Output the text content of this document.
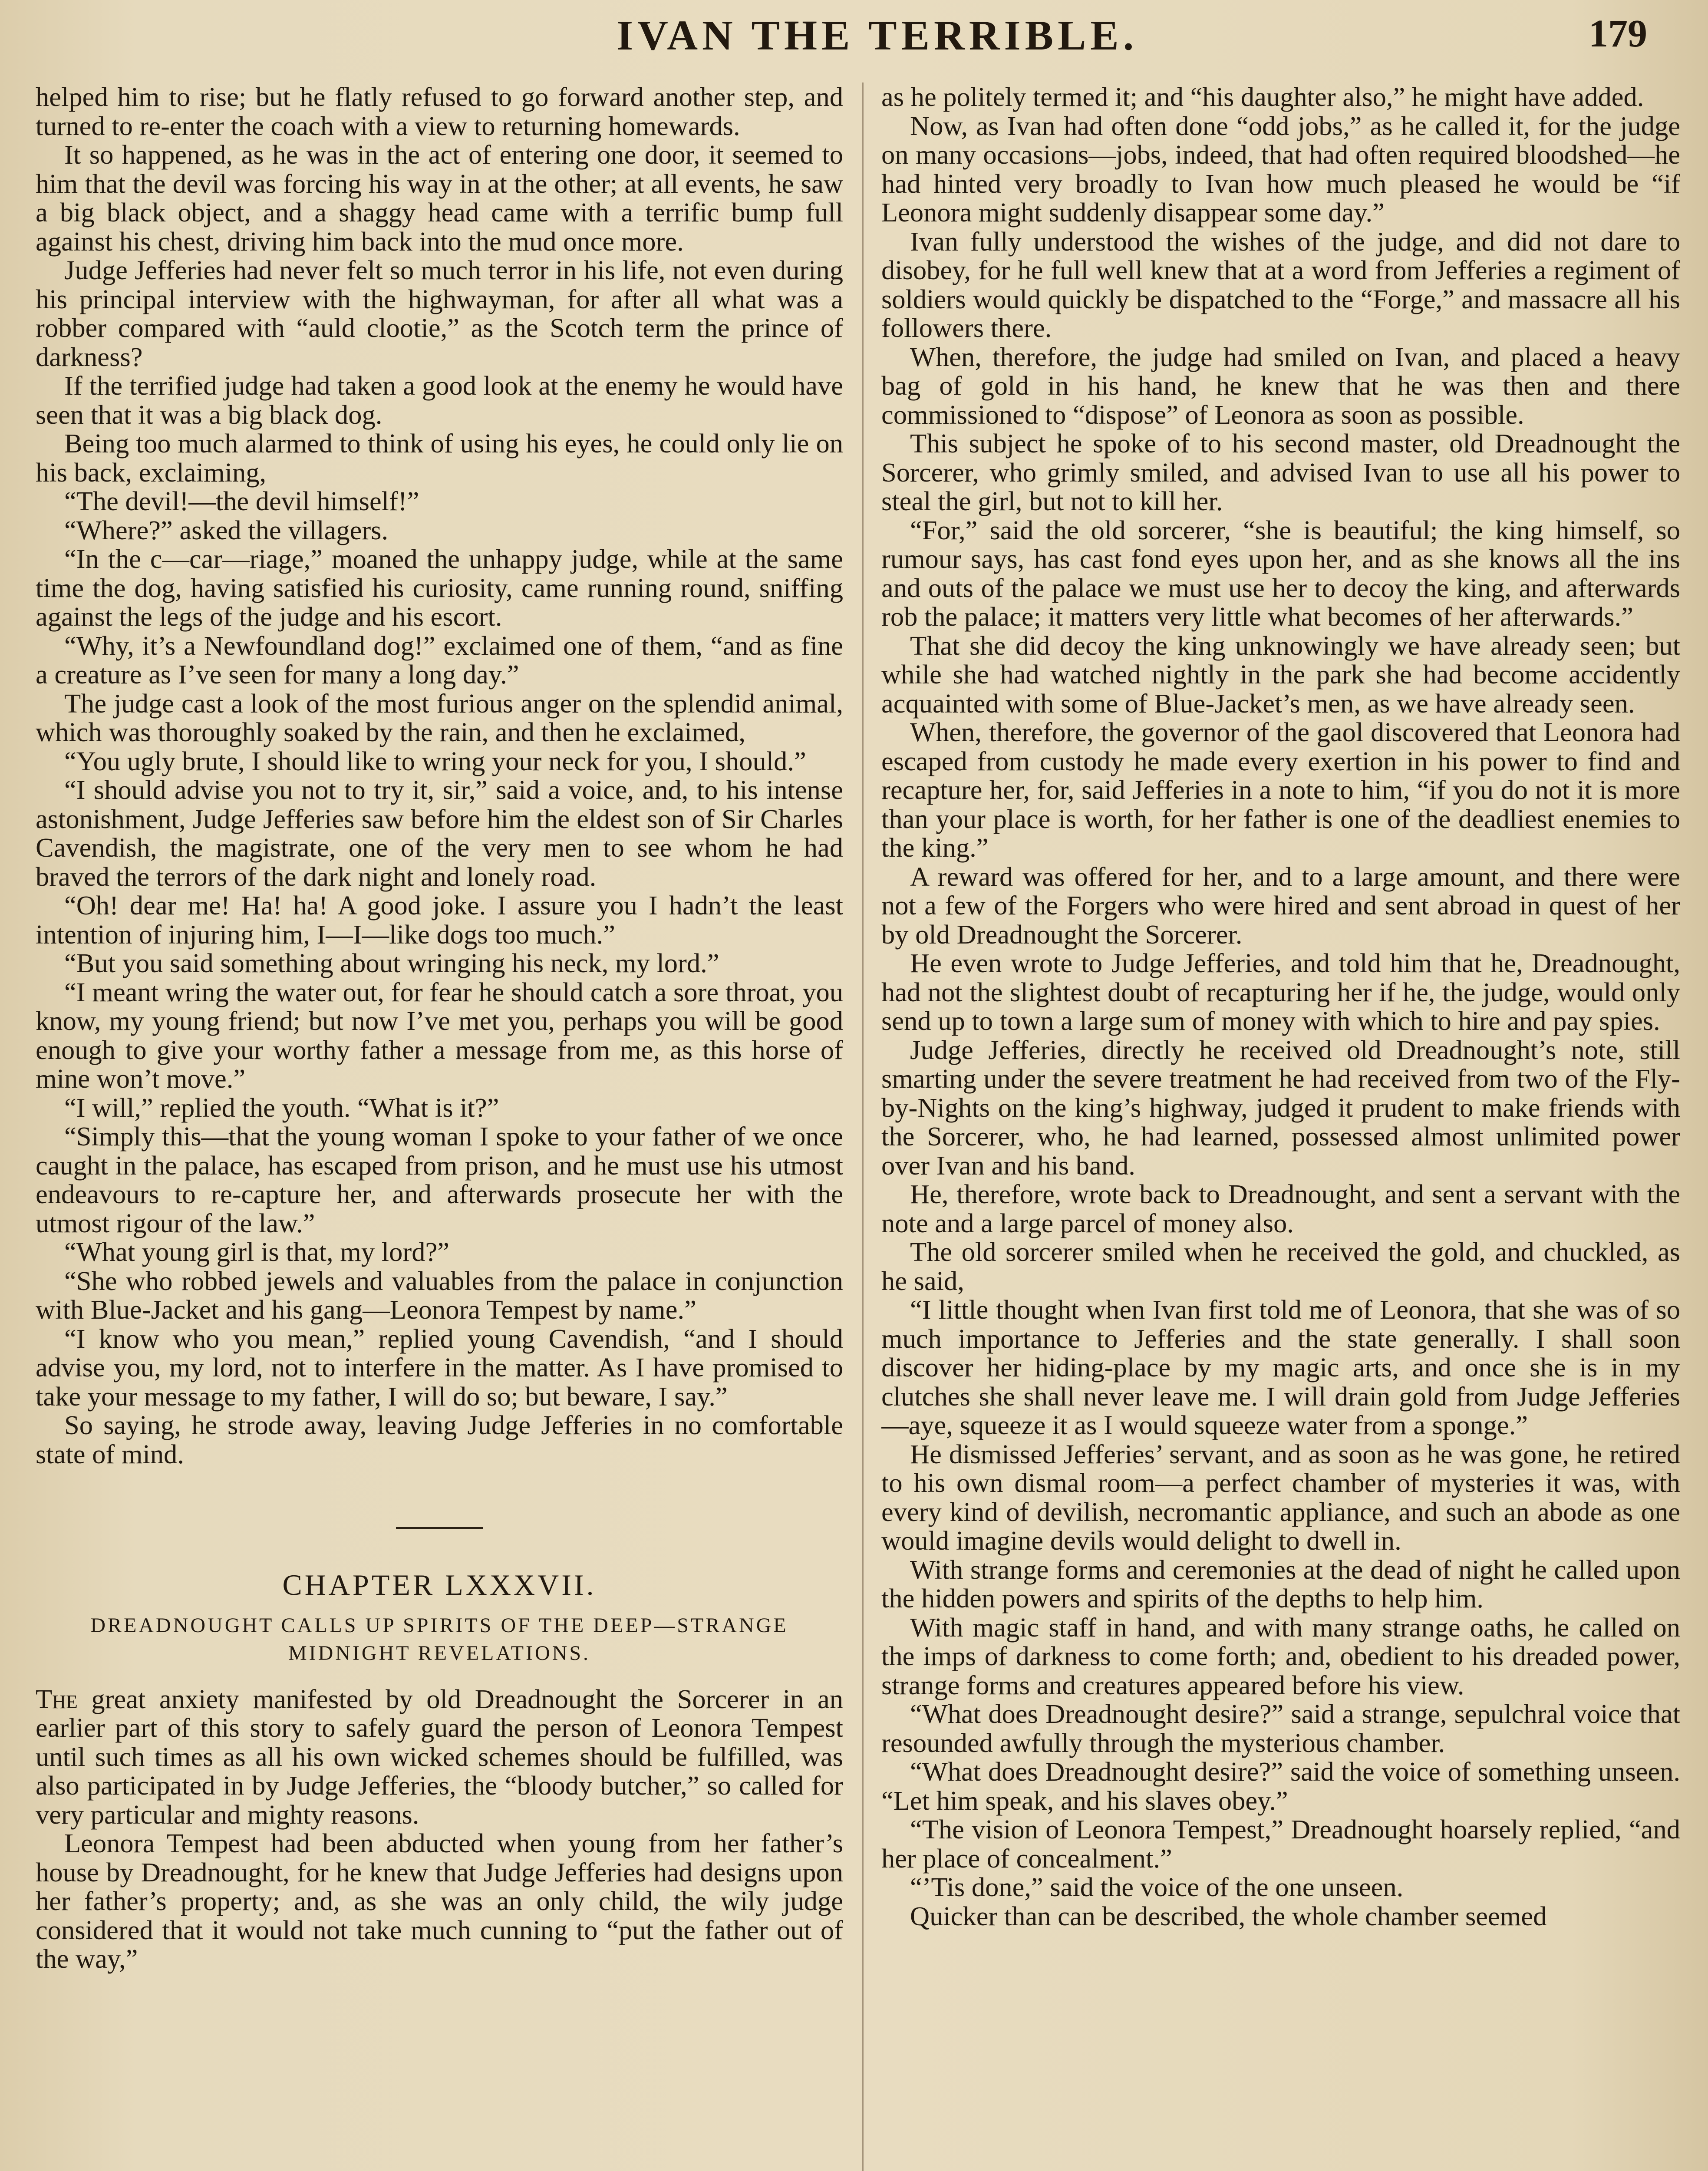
IVAN THE TERRIBLE.	179

helped him to rise; but he flatly refused to go forward another step, and turned to re-enter the coach with a view to returning homewards.

It so happened, as he was in the act of entering one door, it seemed to him that the devil was forcing his way in at the other; at all events, he saw a big black object, and a shaggy head came with a terrific bump full against his chest, driving him back into the mud once more.

Judge Jefferies had never felt so much terror in his life, not even during his principal interview with the highwayman, for after all what was a robber compared with “auld clootie,” as the Scotch term the prince of darkness?

If the terrified judge had taken a good look at the enemy he would have seen that it was a big black dog.

Being too much alarmed to think of using his eyes, he could only lie on his back, exclaiming,

“The devil!—the devil himself!”

“Where?” asked the villagers.

“In the c—car—riage,” moaned the unhappy judge, while at the same time the dog, having satisfied his curiosity, came running round, sniffing against the legs of the judge and his escort.

“Why, it’s a Newfoundland dog!” exclaimed one of them, “and as fine a creature as I’ve seen for many a long day.”

The judge cast a look of the most furious anger on the splendid animal, which was thoroughly soaked by the rain, and then he exclaimed,

“You ugly brute, I should like to wring your neck for you, I should.”

“I should advise you not to try it, sir,” said a voice, and, to his intense astonishment, Judge Jefferies saw before him the eldest son of Sir Charles Cavendish, the magistrate, one of the very men to see whom he had braved the terrors of the dark night and lonely road.

“Oh! dear me! Ha! ha! A good joke. I assure you I hadn’t the least intention of injuring him, I—I—like dogs too much.”

“But you said something about wringing his neck, my lord.”

“I meant wring the water out, for fear he should catch a sore throat, you know, my young friend; but now I’ve met you, perhaps you will be good enough to give your worthy father a message from me, as this horse of mine won’t move.”

“I will,” replied the youth. “What is it?”

“Simply this—that the young woman I spoke to your father of we once caught in the palace, has escaped from prison, and he must use his utmost endeavours to re-capture her, and afterwards prosecute her with the utmost rigour of the law.”

“What young girl is that, my lord?”

“She who robbed jewels and valuables from the palace in conjunction with Blue-Jacket and his gang—Leonora Tempest by name.”

“I know who you mean,” replied young Cavendish, “and I should advise you, my lord, not to interfere in the matter. As I have promised to take your message to my father, I will do so; but beware, I say.”

So saying, he strode away, leaving Judge Jefferies in no comfortable state of mind.

CHAPTER LXXXVII.
DREADNOUGHT CALLS UP SPIRITS OF THE DEEP—STRANGE MIDNIGHT REVELATIONS.

The great anxiety manifested by old Dreadnought the Sorcerer in an earlier part of this story to safely guard the person of Leonora Tempest until such times as all his own wicked schemes should be fulfilled, was also participated in by Judge Jefferies, the “bloody butcher,” so called for very particular and mighty reasons.

Leonora Tempest had been abducted when young from her father’s house by Dreadnought, for he knew that Judge Jefferies had designs upon her father’s property; and, as she was an only child, the wily judge considered that it would not take much cunning to “put the father out of the way,”

as he politely termed it; and “his daughter also,” he might have added.

Now, as Ivan had often done “odd jobs,” as he called it, for the judge on many occasions—jobs, indeed, that had often required bloodshed—he had hinted very broadly to Ivan how much pleased he would be “if Leonora might suddenly disappear some day.”

Ivan fully understood the wishes of the judge, and did not dare to disobey, for he full well knew that at a word from Jefferies a regiment of soldiers would quickly be dispatched to the “Forge,” and massacre all his followers there.

When, therefore, the judge had smiled on Ivan, and placed a heavy bag of gold in his hand, he knew that he was then and there commissioned to “dispose” of Leonora as soon as possible.

This subject he spoke of to his second master, old Dreadnought the Sorcerer, who grimly smiled, and advised Ivan to use all his power to steal the girl, but not to kill her.

“For,” said the old sorcerer, “she is beautiful; the king himself, so rumour says, has cast fond eyes upon her, and as she knows all the ins and outs of the palace we must use her to decoy the king, and afterwards rob the palace; it matters very little what becomes of her afterwards.”

That she did decoy the king unknowingly we have already seen; but while she had watched nightly in the park she had become accidently acquainted with some of Blue-Jacket’s men, as we have already seen.

When, therefore, the governor of the gaol discovered that Leonora had escaped from custody he made every exertion in his power to find and recapture her, for, said Jefferies in a note to him, “if you do not it is more than your place is worth, for her father is one of the deadliest enemies to the king.”

A reward was offered for her, and to a large amount, and there were not a few of the Forgers who were hired and sent abroad in quest of her by old Dreadnought the Sorcerer.

He even wrote to Judge Jefferies, and told him that he, Dreadnought, had not the slightest doubt of recapturing her if he, the judge, would only send up to town a large sum of money with which to hire and pay spies.

Judge Jefferies, directly he received old Dreadnought’s note, still smarting under the severe treatment he had received from two of the Fly-by-Nights on the king’s highway, judged it prudent to make friends with the Sorcerer, who, he had learned, possessed almost unlimited power over Ivan and his band.

He, therefore, wrote back to Dreadnought, and sent a servant with the note and a large parcel of money also.

The old sorcerer smiled when he received the gold, and chuckled, as he said,

“I little thought when Ivan first told me of Leonora, that she was of so much importance to Jefferies and the state generally. I shall soon discover her hiding-place by my magic arts, and once she is in my clutches she shall never leave me. I will drain gold from Judge Jefferies—aye, squeeze it as I would squeeze water from a sponge.”

He dismissed Jefferies’ servant, and as soon as he was gone, he retired to his own dismal room—a perfect chamber of mysteries it was, with every kind of devilish, necromantic appliance, and such an abode as one would imagine devils would delight to dwell in.

With strange forms and ceremonies at the dead of night he called upon the hidden powers and spirits of the depths to help him.

With magic staff in hand, and with many strange oaths, he called on the imps of darkness to come forth; and, obedient to his dreaded power, strange forms and creatures appeared before his view.

“What does Dreadnought desire?” said a strange, sepulchral voice that resounded awfully through the mysterious chamber.

“What does Dreadnought desire?” said the voice of something unseen. “Let him speak, and his slaves obey.”

“The vision of Leonora Tempest,” Dreadnought hoarsely replied, “and her place of concealment.”

“’Tis done,” said the voice of the one unseen.

Quicker than can be described, the whole chamber seemed
